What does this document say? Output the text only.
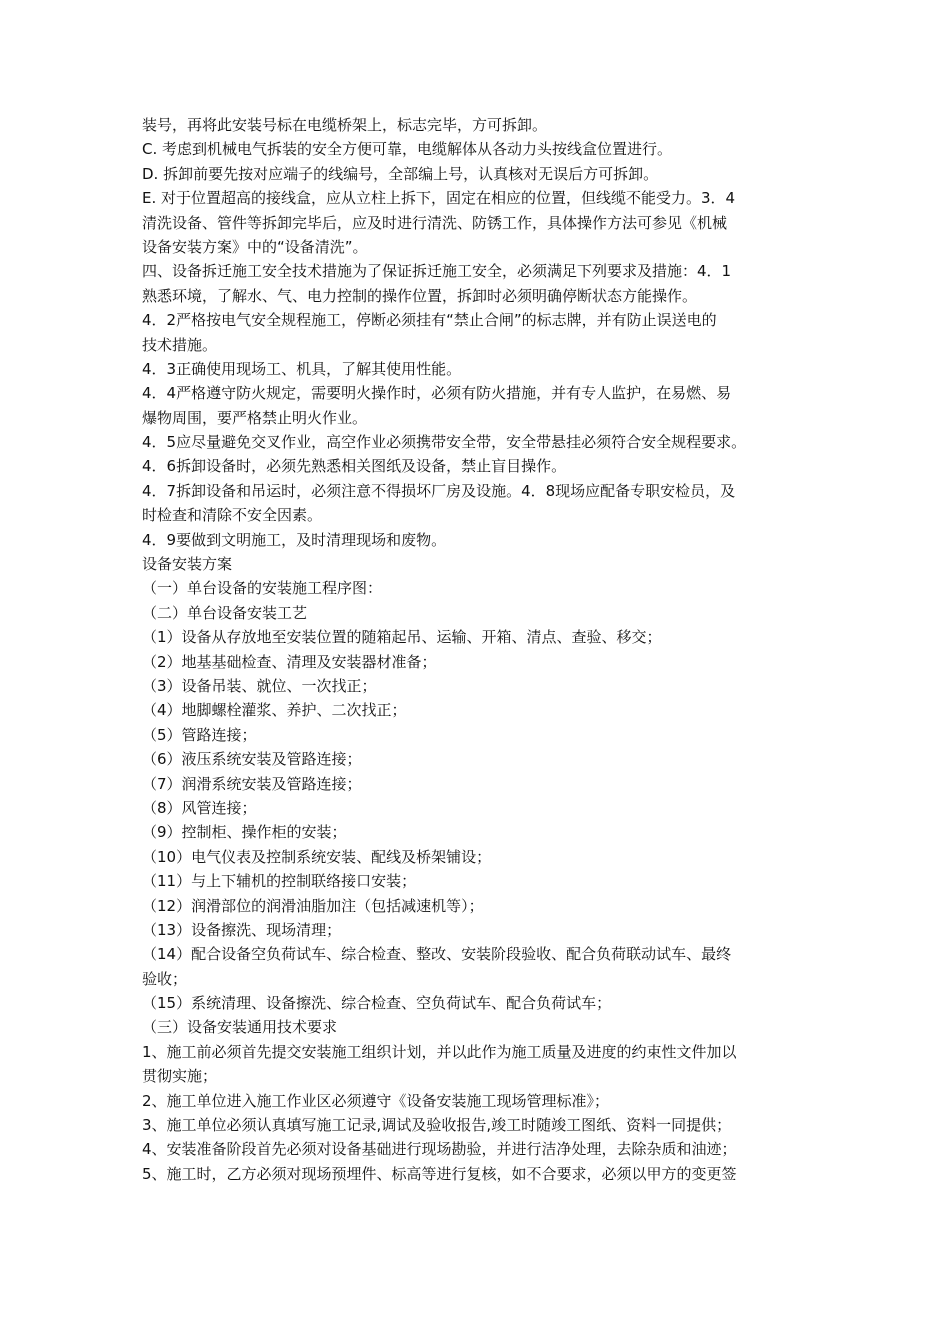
装号，再将此安装号标在电缆桥架上，标志完毕，方可拆卸。
C. 考虑到机械电气拆装的安全方便可靠，电缆解体从各动力头按线盒位置进行。
D. 拆卸前要先按对应端子的线编号，全部编上号，认真核对无误后方可拆卸。
E. 对于位置超高的接线盒，应从立柱上拆下，固定在相应的位置，但线缆不能受力。3．4
清洗设备、管件等拆卸完毕后，应及时进行清洗、防锈工作，具体操作方法可参见《机械
设备安装方案》中的“设备清洗”。
四、设备拆迁施工安全技术措施为了保证拆迁施工安全，必须满足下列要求及措施：4．1
熟悉环境，了解水、气、电力控制的操作位置，拆卸时必须明确停断状态方能操作。
4．2严格按电气安全规程施工，停断必须挂有“禁止合闸”的标志牌，并有防止误送电的
技术措施。
4．3正确使用现场工、机具，了解其使用性能。
4．4严格遵守防火规定，需要明火操作时，必须有防火措施，并有专人监护，在易燃、易
爆物周围，要严格禁止明火作业。
4．5应尽量避免交叉作业，高空作业必须携带安全带，安全带悬挂必须符合安全规程要求。
4．6拆卸设备时，必须先熟悉相关图纸及设备，禁止盲目操作。
4．7拆卸设备和吊运时，必须注意不得损坏厂房及设施。4．8现场应配备专职安检员，及
时检查和清除不安全因素。
4．9要做到文明施工，及时清理现场和废物。
设备安装方案
（一）单台设备的安装施工程序图：
（二）单台设备安装工艺
（1）设备从存放地至安装位置的随箱起吊、运输、开箱、清点、查验、移交；
（2）地基基础检查、清理及安装器材准备；
（3）设备吊装、就位、一次找正；
（4）地脚螺栓灌浆、养护、二次找正；
（5）管路连接；
（6）液压系统安装及管路连接；
（7）润滑系统安装及管路连接；
（8）风管连接；
（9）控制柜、操作柜的安装；
（10）电气仪表及控制系统安装、配线及桥架铺设；
（11）与上下辅机的控制联络接口安装；
（12）润滑部位的润滑油脂加注（包括减速机等）；
（13）设备擦洗、现场清理；
（14）配合设备空负荷试车、综合检查、整改、安装阶段验收、配合负荷联动试车、最终
验收；
（15）系统清理、设备擦洗、综合检查、空负荷试车、配合负荷试车；
（三）设备安装通用技术要求
1、施工前必须首先提交安装施工组织计划，并以此作为施工质量及进度的约束性文件加以
贯彻实施；
2、施工单位进入施工作业区必须遵守《设备安装施工现场管理标准》；
3、施工单位必须认真填写施工记录,调试及验收报告,竣工时随竣工图纸、资料一同提供；
4、安装准备阶段首先必须对设备基础进行现场勘验，并进行洁净处理，去除杂质和油迹；
5、施工时，乙方必须对现场预埋件、标高等进行复核，如不合要求，必须以甲方的变更签
